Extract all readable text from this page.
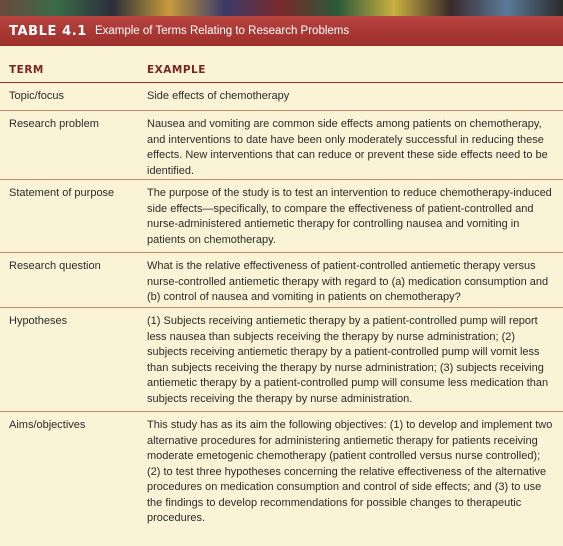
TABLE 4.1 Example of Terms Relating to Research Problems
TERM	EXAMPLE
Topic/focus	Side effects of chemotherapy
Research problem	Nausea and vomiting are common side effects among patients on chemotherapy, and interventions to date have been only moderately successful in reducing these effects. New interventions that can reduce or prevent these side effects need to be identified.
Statement of purpose	The purpose of the study is to test an intervention to reduce chemotherapy-induced side effects—specifically, to compare the effectiveness of patient-controlled and nurse-administered antiemetic therapy for controlling nausea and vomiting in patients on chemotherapy.
Research question	What is the relative effectiveness of patient-controlled antiemetic therapy versus nurse-controlled antiemetic therapy with regard to (a) medication consumption and (b) control of nausea and vomiting in patients on chemotherapy?
Hypotheses	(1) Subjects receiving antiemetic therapy by a patient-controlled pump will report less nausea than subjects receiving the therapy by nurse administration; (2) subjects receiving antiemetic therapy by a patient-controlled pump will vomit less than subjects receiving the therapy by nurse administration; (3) subjects receiving antiemetic therapy by a patient-controlled pump will consume less medication than subjects receiving the therapy by nurse administration.
Aims/objectives	This study has as its aim the following objectives: (1) to develop and implement two alternative procedures for administering antiemetic therapy for patients receiving moderate emetogenic chemotherapy (patient controlled versus nurse controlled); (2) to test three hypotheses concerning the relative effectiveness of the alternative procedures on medication consumption and control of side effects; and (3) to use the findings to develop recommendations for possible changes to therapeutic procedures.
